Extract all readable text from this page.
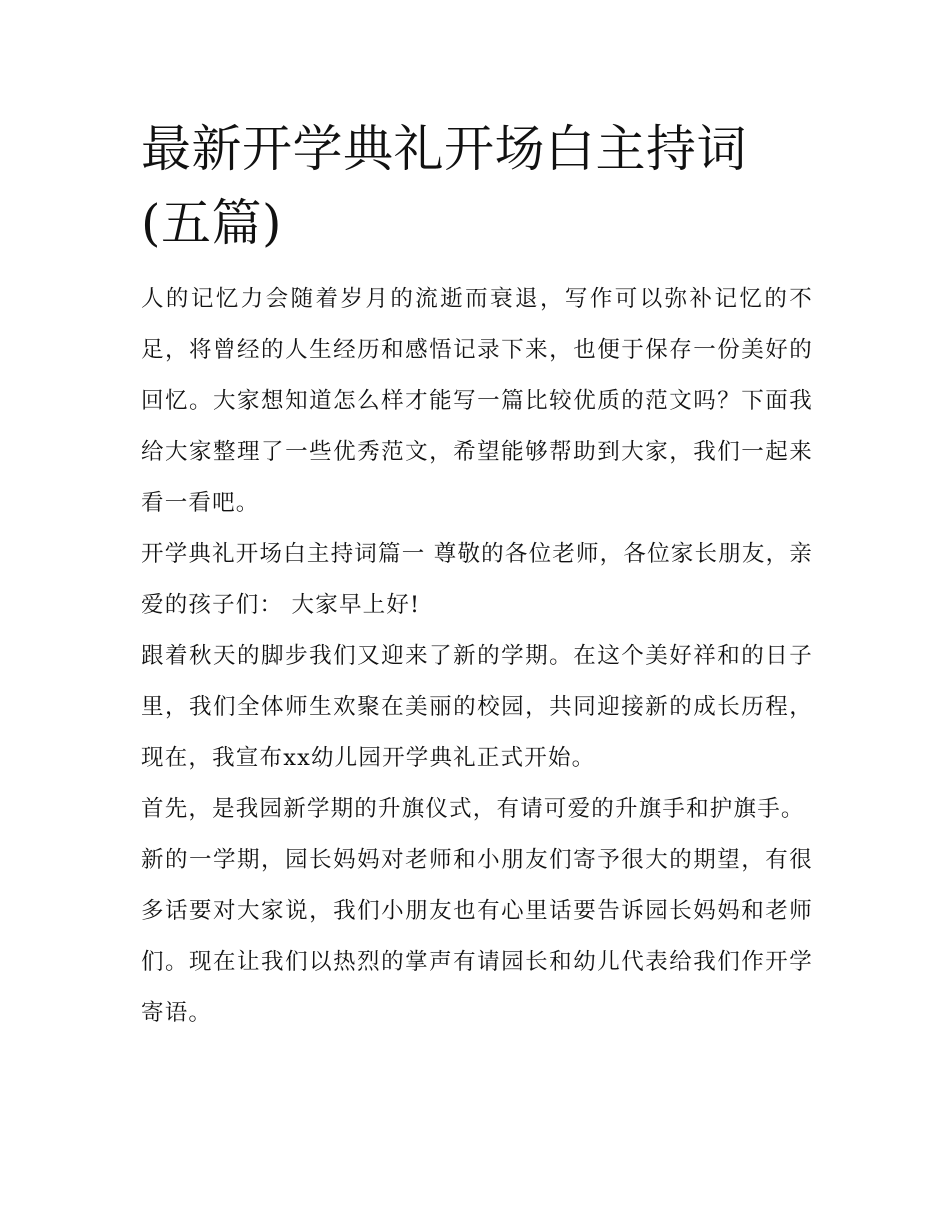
最新开学典礼开场白主持词(五篇)

人的记忆力会随着岁月的流逝而衰退，写作可以弥补记忆的不足，将曾经的人生经历和感悟记录下来，也便于保存一份美好的回忆。大家想知道怎么样才能写一篇比较优质的范文吗？下面我给大家整理了一些优秀范文，希望能够帮助到大家，我们一起来看一看吧。

开学典礼开场白主持词篇一 尊敬的各位老师，各位家长朋友，亲爱的孩子们： 大家早上好!

跟着秋天的脚步我们又迎来了新的学期。在这个美好祥和的日子里，我们全体师生欢聚在美丽的校园，共同迎接新的成长历程，现在，我宣布xx幼儿园开学典礼正式开始。

首先，是我园新学期的升旗仪式，有请可爱的升旗手和护旗手。

新的一学期，园长妈妈对老师和小朋友们寄予很大的期望，有很多话要对大家说，我们小朋友也有心里话要告诉园长妈妈和老师们。现在让我们以热烈的掌声有请园长和幼儿代表给我们作开学寄语。
